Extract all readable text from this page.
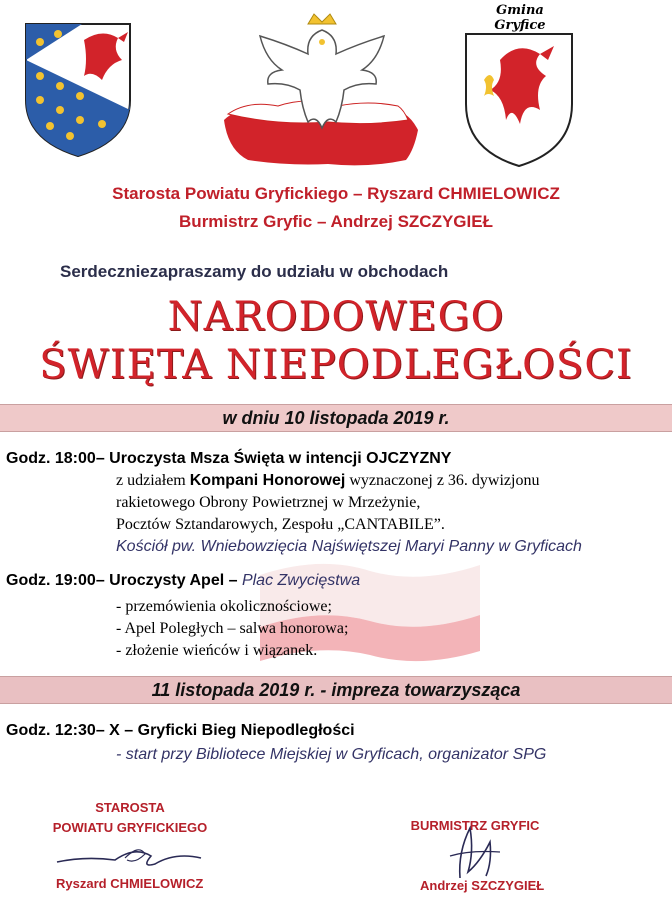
Gmina Gryfice
Starosta Powiatu Gryfickiego – Ryszard CHMIELOWICZ
Burmistrz Gryfic – Andrzej SZCZYGIEŁ
Serdeczniezapraszamy do udziału w obchodach
NARODOWEGO
ŚWIĘTA NIEPODLEGŁOŚCI
w dniu 10 listopada 2019 r.
Godz. 18:00– Uroczysta Msza Święta w intencji OJCZYZNY
z udziałem Kompani Honorowej wyznaczonej z 36. dywizjonu
rakietowego Obrony Powietrznej w Mrzeżynie,
Pocztów Sztandarowych, Zespołu „CANTABILE”.
Kościół pw. Wniebowzięcia Najświętszej Maryi Panny w Gryficach
Godz. 19:00– Uroczysty Apel – Plac Zwycięstwa
- przemówienia okolicznościowe;
- Apel Poległych – salwa honorowa;
- złożenie wieńców i wiązanek.
11 listopada 2019 r. - impreza towarzysząca
Godz. 12:30– X – Gryficki Bieg Niepodległości
- start przy Bibliotece Miejskiej w Gryficach, organizator SPG
STAROSTA
POWIATU GRYFICKIEGO
Ryszard CHMIELOWICZ
BURMISTRZ GRYFIC
Andrzej SZCZYGIEŁ
